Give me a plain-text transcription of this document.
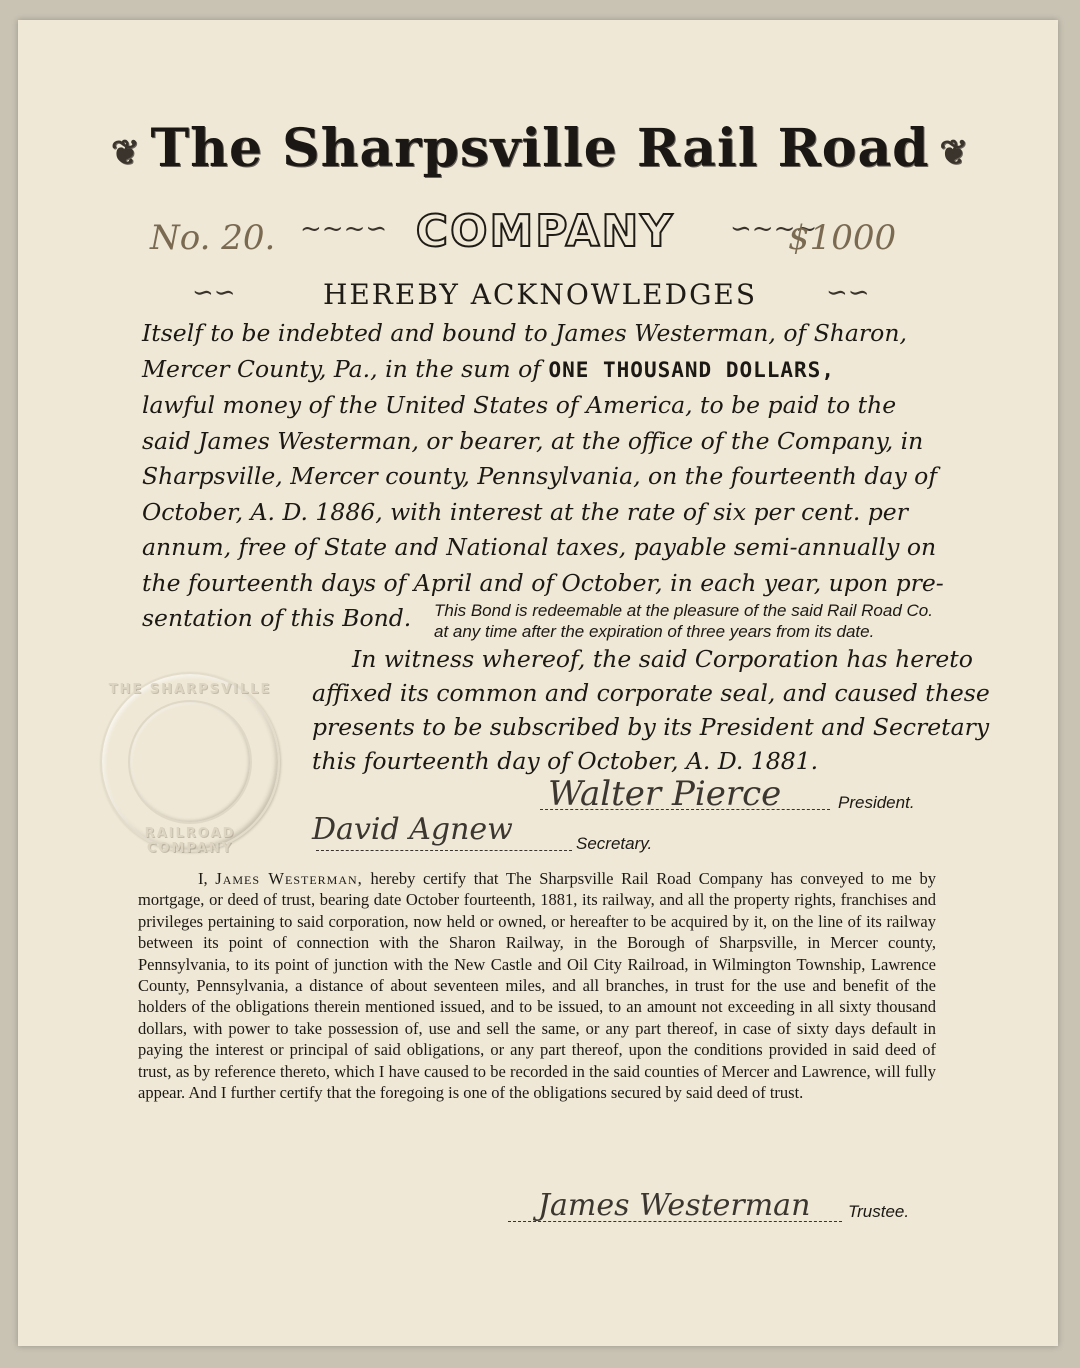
❦ The Sharpsville Rail Road ❦
No. 20. ~~~∽ COMPANY	∽~~~
$1000
∽∽	HEREBY ACKNOWLEDGES	∽∽

Itself to be indebted and bound to James Westerman, of Sharon,

Mercer County, Pa., in the sum of ONE THOUSAND DOLLARS,

lawful money of the United States of America, to be paid to the

said James Westerman, or bearer, at the office of the Company, in

Sharpsville, Mercer county, Pennsylvania, on the fourteenth day of

October, A. D. 1886, with interest at the rate of six per cent. per

annum, free of State and National taxes, payable semi-annually on

the fourteenth days of April and of October, in each year, upon pre-

sentation of this Bond.	This Bond is redeemable at the pleasure of the said Rail Road Co. at any time after the expiration of three years from its date.

In witness whereof, the said Corporation has hereto

affixed its common and corporate seal, and caused these

presents to be subscribed by its President and Secretary

this fourteenth day of October, A. D. 1881.

THE SHARPSVILLE
RAILROAD COMPANY
Walter Pierce	President.
David Agnew	Secretary.

I, James Westerman, hereby certify that The Sharpsville Rail Road Company has conveyed to me by mortgage, or deed of trust, bearing date October fourteenth, 1881, its railway, and all the property rights, franchises and privileges pertaining to said corporation, now held or owned, or hereafter to be acquired by it, on the line of its railway between its point of connection with the Sharon Railway, in the Borough of Sharpsville, in Mercer county, Pennsylvania, to its point of junction with the New Castle and Oil City Railroad, in Wilmington Township, Lawrence County, Pennsylvania, a distance of about seventeen miles, and all branches, in trust for the use and benefit of the holders of the obligations therein mentioned issued, and to be issued, to an amount not exceeding in all sixty thousand dollars, with power to take possession of, use and sell the same, or any part thereof, in case of sixty days default in paying the interest or principal of said obligations, or any part thereof, upon the conditions provided in said deed of trust, as by reference thereto, which I have caused to be recorded in the said counties of Mercer and Lawrence, will fully appear. And I further certify that the foregoing is one of the obligations secured by said deed of trust.

James Westerman Trustee.
